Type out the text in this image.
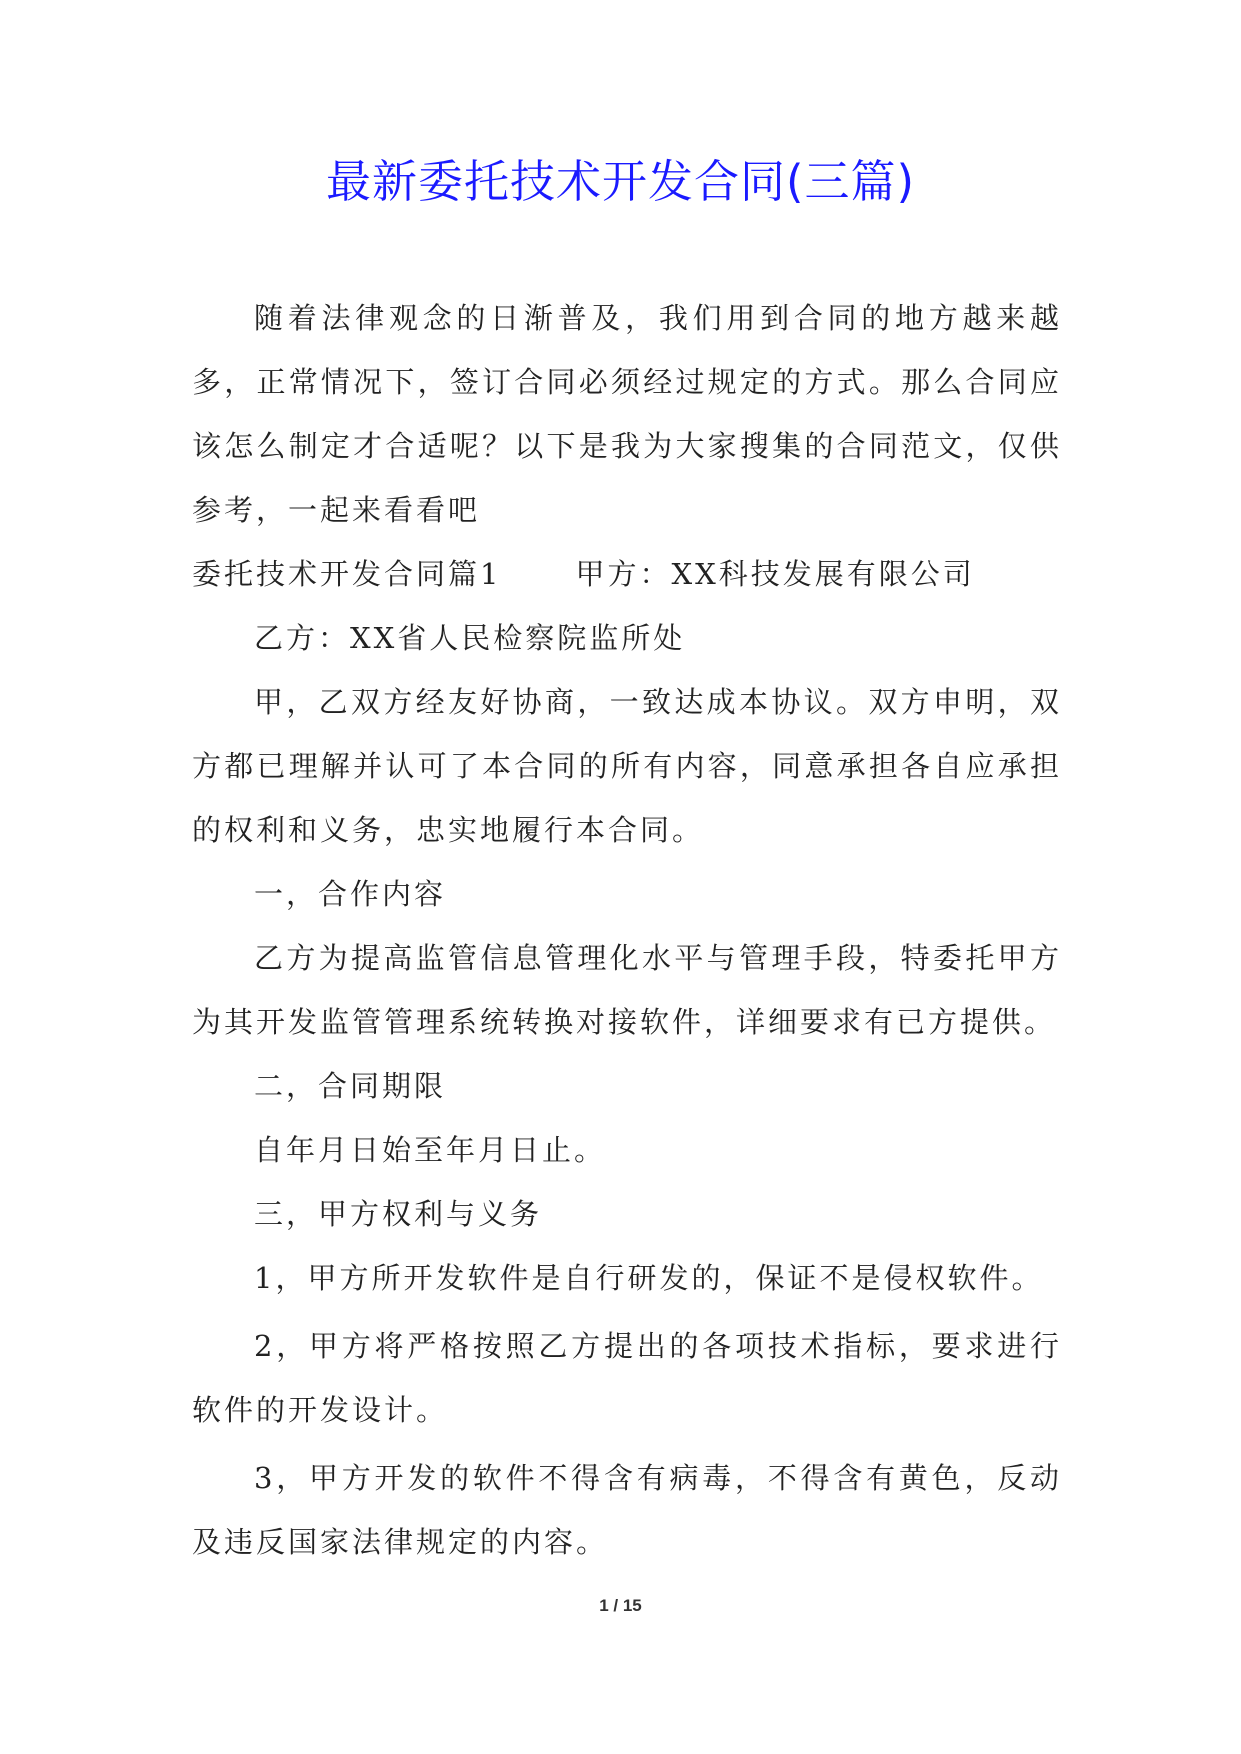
最新委托技术开发合同(三篇)

随着法律观念的日渐普及，我们用到合同的地方越来越多，正常情况下，签订合同必须经过规定的方式。那么合同应该怎么制定才合适呢？以下是我为大家搜集的合同范文，仅供参考，一起来看看吧

委托技术开发合同篇1	甲方：XX科技发展有限公司

乙方：XX省人民检察院监所处

甲，乙双方经友好协商，一致达成本协议。双方申明，双方都已理解并认可了本合同的所有内容，同意承担各自应承担的权利和义务，忠实地履行本合同。

一，合作内容

乙方为提高监管信息管理化水平与管理手段，特委托甲方为其开发监管管理系统转换对接软件，详细要求有已方提供。

二，合同期限

自年月日始至年月日止。

三，甲方权利与义务

1，甲方所开发软件是自行研发的，保证不是侵权软件。

2，甲方将严格按照乙方提出的各项技术指标，要求进行软件的开发设计。

3，甲方开发的软件不得含有病毒，不得含有黄色，反动及违反国家法律规定的内容。

1 / 15
